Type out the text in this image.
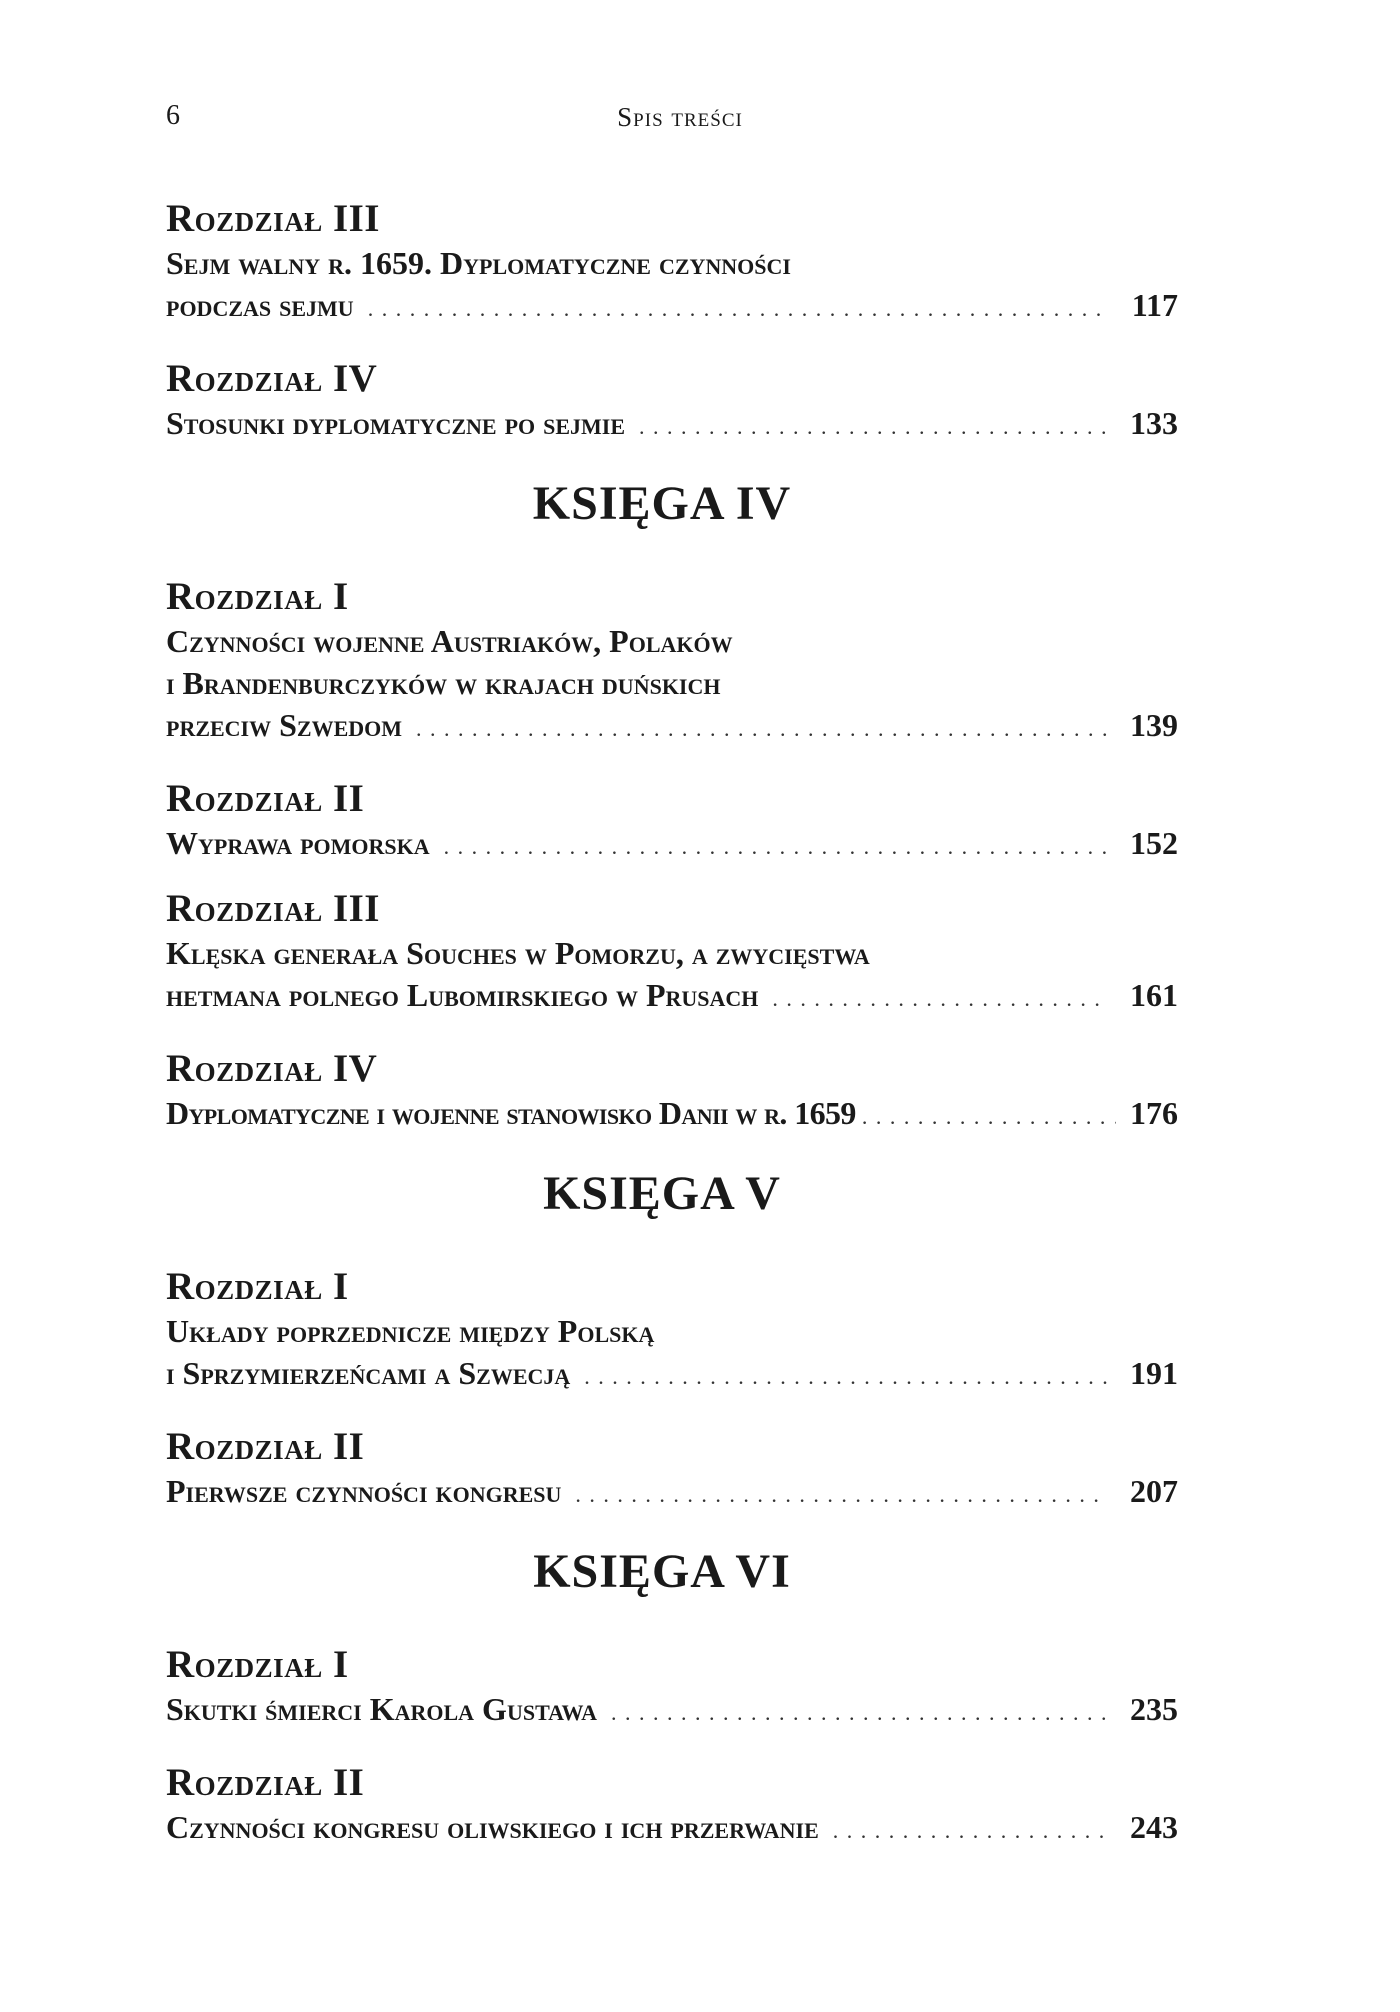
6	Spis treści
Rozdział III
Sejm walny r. 1659. Dyplomatyczne czynności
podczas sejmu . . .	117
Rozdział IV
Stosunki dyplomatyczne po sejmie . . .	133
KSIĘGA IV
Rozdział I
Czynności wojenne Austriaków, Polaków
i Brandenburczyków w krajach duńskich
przeciw Szwedom . . .	139
Rozdział II
Wyprawa pomorska . . .	152
Rozdział III
Klęska generała Souches w Pomorzu, a zwycięstwa
hetmana polnego Lubomirskiego w Prusach . . .	161
Rozdział IV
Dyplomatyczne i wojenne stanowisko Danii w r. 1659 . . .	176
KSIĘGA V
Rozdział I
Układy poprzednicze między Polską
i Sprzymierzeńcami a Szwecją . . .	191
Rozdział II
Pierwsze czynności kongresu . . .	207
KSIĘGA VI
Rozdział I
Skutki śmierci Karola Gustawa . . .	235
Rozdział II
Czynności kongresu oliwskiego i ich przerwanie . . .	243
